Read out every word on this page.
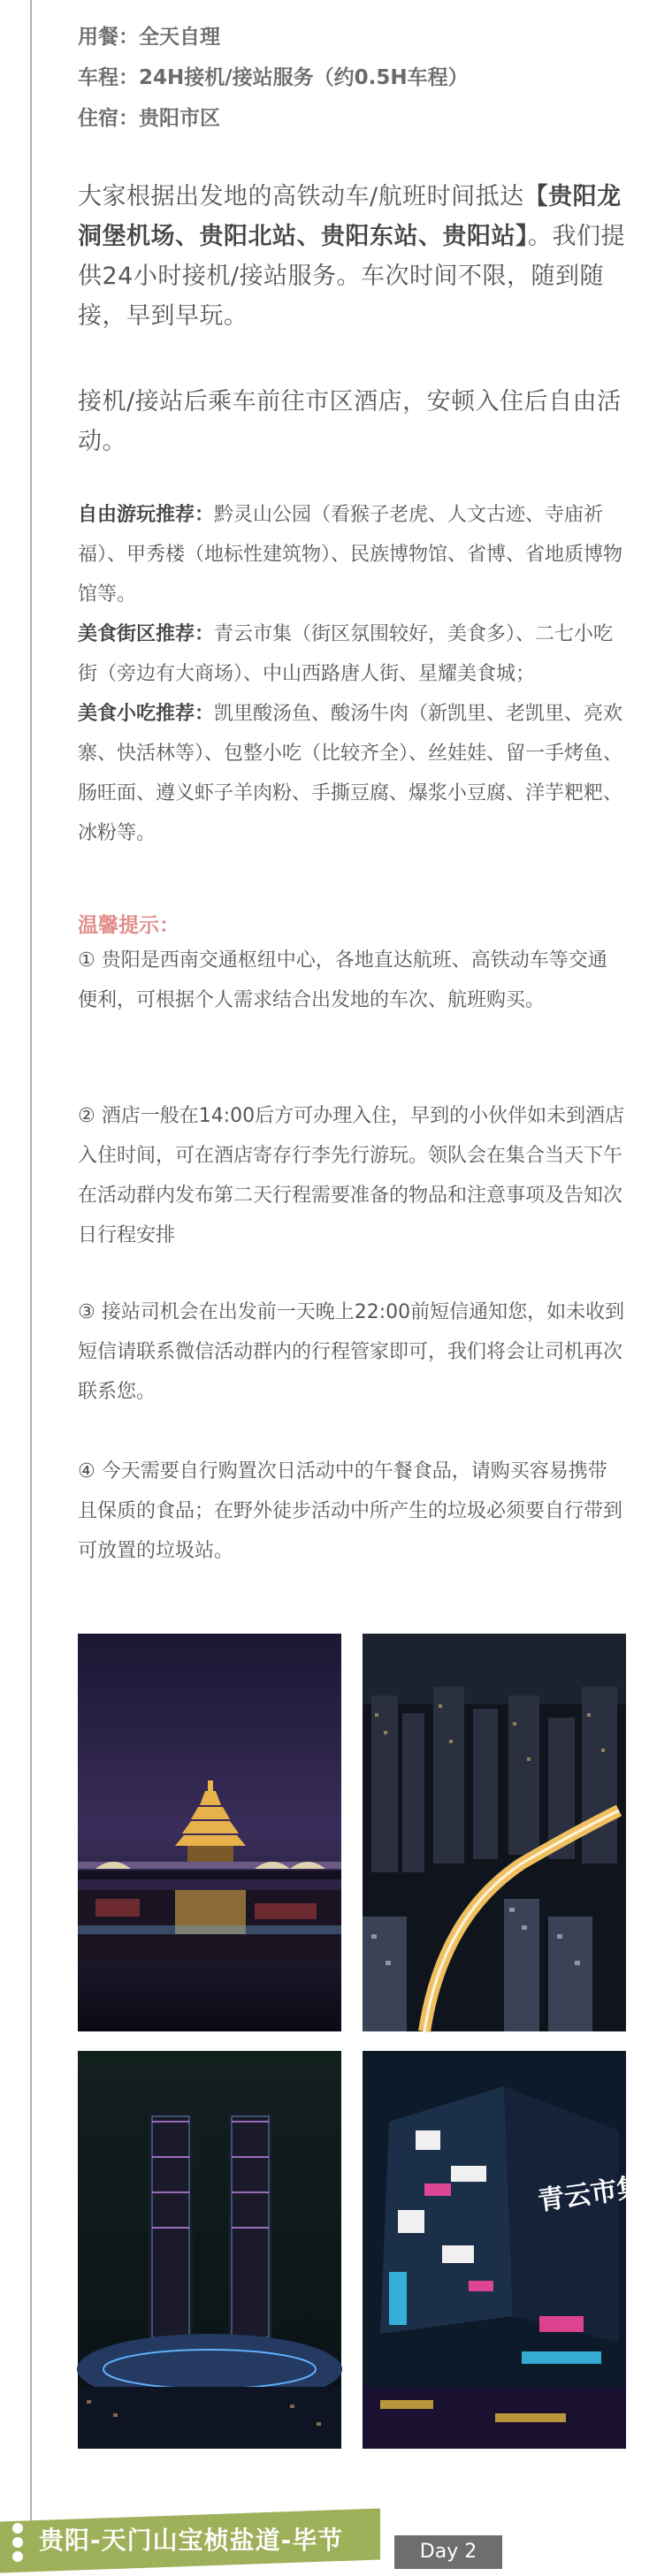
用餐：全天自理
车程：24H接机/接站服务（约0.5H车程）
住宿：贵阳市区
大家根据出发地的高铁动车/航班时间抵达【贵阳龙洞堡机场、贵阳北站、贵阳东站、贵阳站】。我们提供24小时接机/接站服务。车次时间不限，随到随接，早到早玩。
接机/接站后乘车前往市区酒店，安顿入住后自由活动。
自由游玩推荐：黔灵山公园（看猴子老虎、人文古迹、寺庙祈福）、甲秀楼（地标性建筑物）、民族博物馆、省博、省地质博物馆等。
美食街区推荐：青云市集（街区氛围较好，美食多）、二七小吃街（旁边有大商场）、中山西路唐人街、星耀美食城；
美食小吃推荐：凯里酸汤鱼、酸汤牛肉（新凯里、老凯里、亮欢寨、快活林等）、包整小吃（比较齐全）、丝娃娃、留一手烤鱼、肠旺面、遵义虾子羊肉粉、手撕豆腐、爆浆小豆腐、洋芋粑粑、冰粉等。
温馨提示：
① 贵阳是西南交通枢纽中心，各地直达航班、高铁动车等交通便利，可根据个人需求结合出发地的车次、航班购买。
② 酒店一般在14:00后方可办理入住，早到的小伙伴如未到酒店入住时间，可在酒店寄存行李先行游玩。领队会在集合当天下午在活动群内发布第二天行程需要准备的物品和注意事项及告知次日行程安排
③ 接站司机会在出发前一天晚上22:00前短信通知您，如未收到短信请联系微信活动群内的行程管家即可，我们将会让司机再次联系您。
④ 今天需要自行购置次日活动中的午餐食品，请购买容易携带且保质的食品；在野外徒步活动中所产生的垃圾必须要自行带到可放置的垃圾站。
青云市集
贵阳-天门山宝桢盐道-毕节	Day 2
